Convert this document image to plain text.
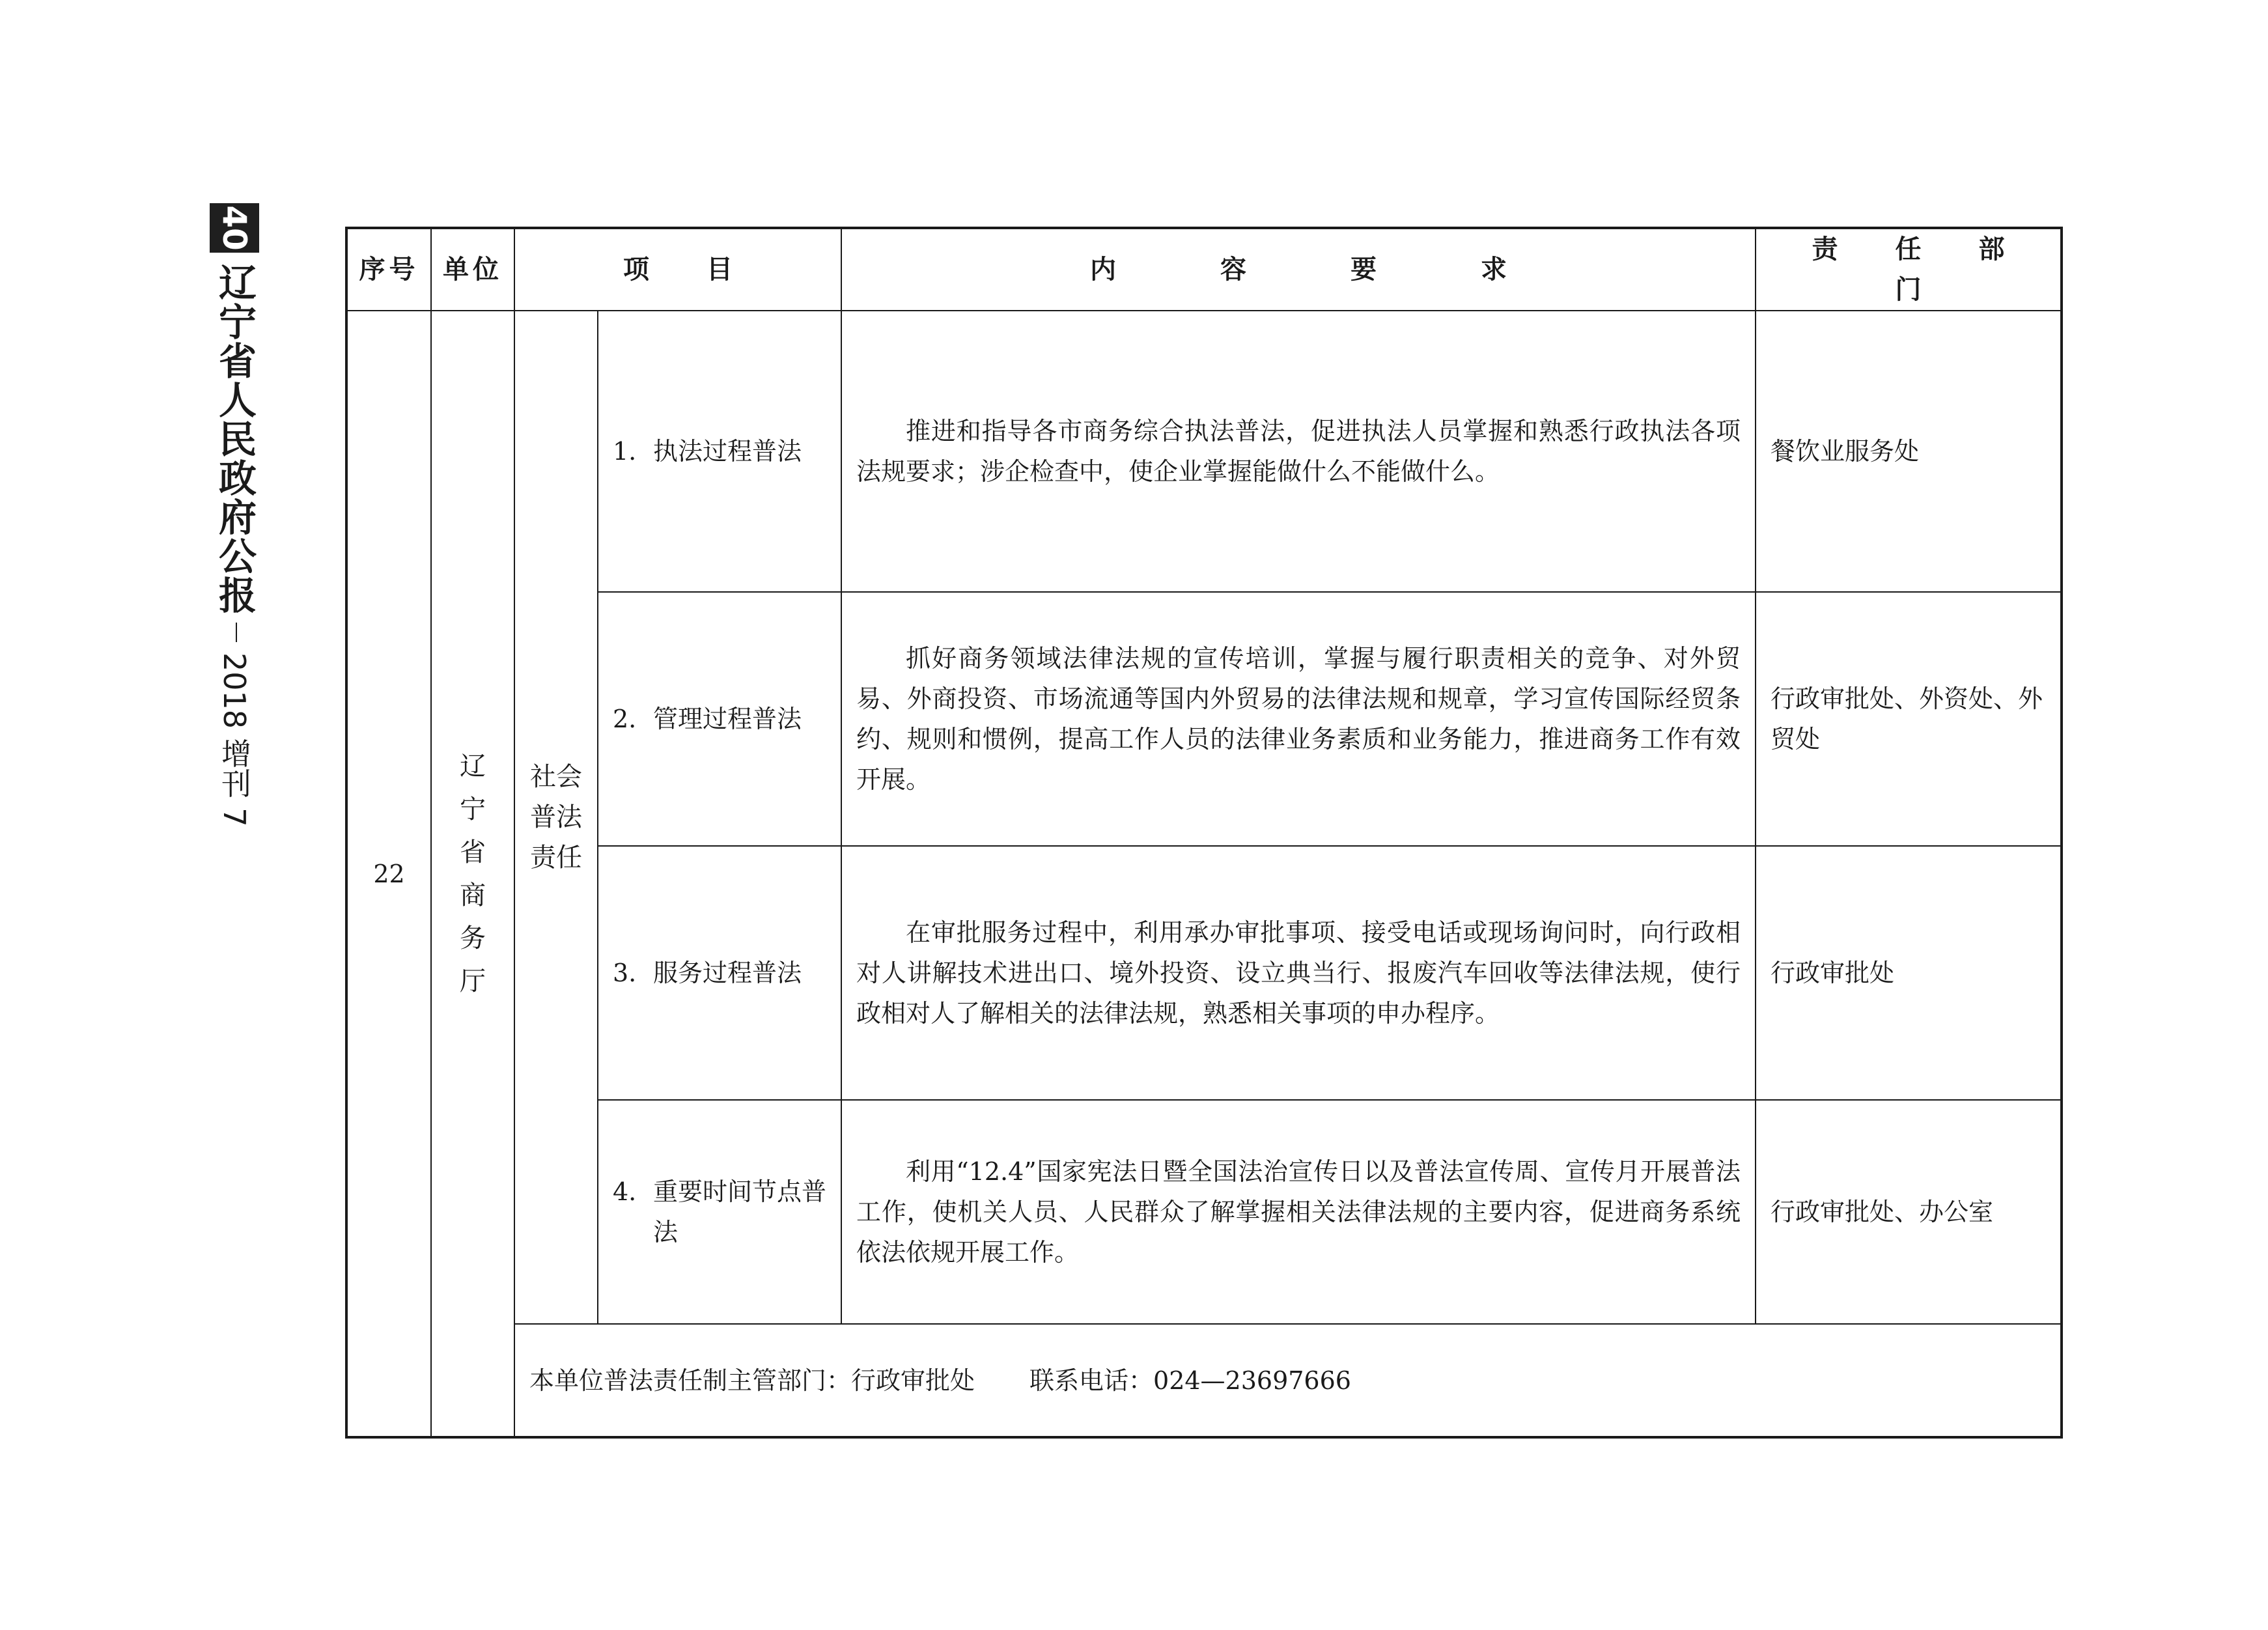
40
辽宁省人民政府公报
2018 增刊 7
序号	单位	项　目		内　容　要　求	责　任　部　门
22	辽宁省商务厅	社会普法责任	1. 执法过程普法	推进和指导各市商务综合执法普法，促进执法人员掌握和熟悉行政执法各项法规要求；涉企检查中，使企业掌握能做什么不能做什么。	餐饮业服务处

			2. 管理过程普法	抓好商务领域法律法规的宣传培训，掌握与履行职责相关的竞争、对外贸易、外商投资、市场流通等国内外贸易的法律法规和规章，学习宣传国际经贸条约、规则和惯例，提高工作人员的法律业务素质和业务能力，推进商务工作有效开展。	行政审批处、外资处、外贸处

			3. 服务过程普法	在审批服务过程中，利用承办审批事项、接受电话或现场询问时，向行政相对人讲解技术进出口、境外投资、设立典当行、报废汽车回收等法律法规，使行政相对人了解相关的法律法规，熟悉相关事项的申办程序。	行政审批处

			4. 重要时间节点普法	利用“12.4”国家宪法日暨全国法治宣传日以及普法宣传周、宣传月开展普法工作，使机关人员、人民群众了解掌握相关法律法规的主要内容，促进商务系统依法依规开展工作。	行政审批处、办公室
		本单位普法责任制主管部门：行政审批处 联系电话：024—23697666			
